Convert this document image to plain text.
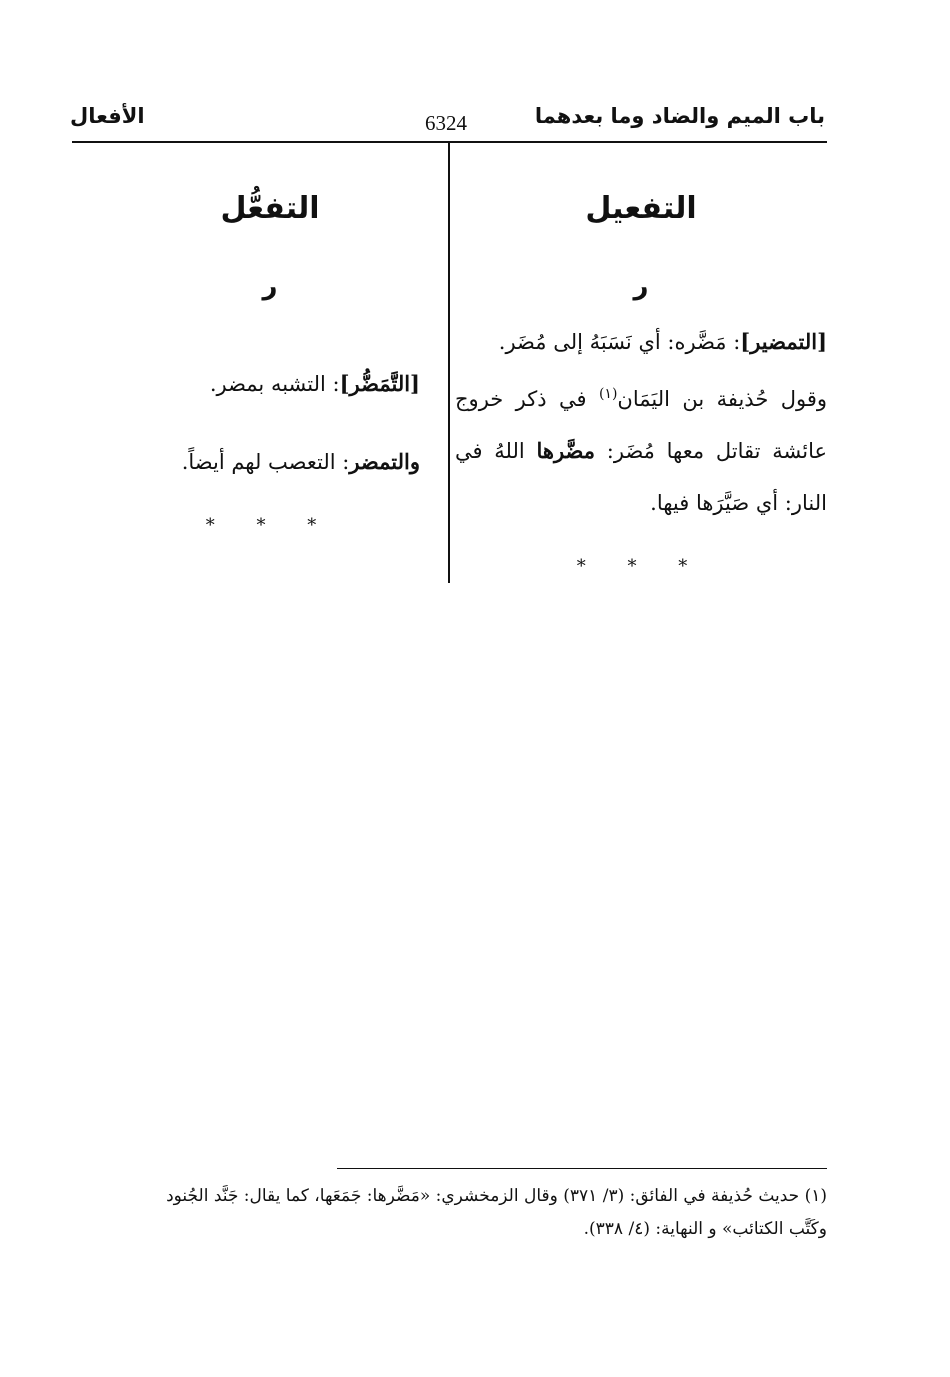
باب الميم والضاد وما بعدهما
6324
الأفعال
التفعيل
ر

[التمضير]: مَضَّره: أي نَسَبَهُ إلى مُضَر.
وقول حُذيفة بن اليَمَان$^{(١)}$ في ذكر خروج عائشة تقاتل معها مُضَر: مضَّرها اللهُ في النار: أي صَيَّرَها فيها.

* * *
التفعُّل
ر

[التَّمَضُّر]: التشبه بمضر.

والتمضر: التعصب لهم أيضاً.

* * *

(١) حديث حُذيفة في الفائق: (٣/ ٣٧١) وقال الزمخشري: «مَضَّرها: جَمَعَها، كما يقال: جَنَّد الجُنود

وكَتَّب الكتائب» و النهاية: (٤/ ٣٣٨).
